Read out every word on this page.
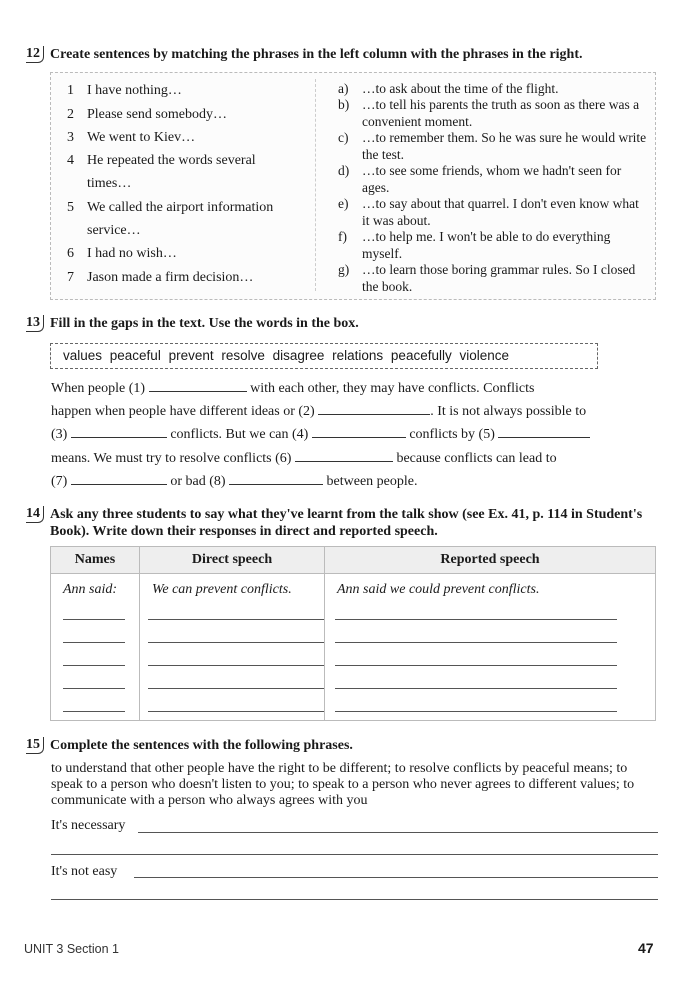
12 Create sentences by matching the phrases in the left column with the phrases in the right.
1 I have nothing…
2 Please send somebody…
3 We went to Kiev…
4 He repeated the words several
times…
5 We called the airport information
service…
6 I had no wish…
7 Jason made a firm decision…
a) …to ask about the time of the flight.
b) …to tell his parents the truth as soon as there was a convenient moment.
c) …to remember them. So he was sure he would write the test.
d) …to see some friends, whom we hadn't seen for ages.
e) …to say about that quarrel. I don't even know what it was about.
f) …to help me. I won't be able to do everything myself.
g) …to learn those boring grammar rules. So I closed the book.
13 Fill in the gaps in the text. Use the words in the box.
values peaceful prevent resolve disagree relations peacefully violence
When people (1)	with each other, they may have conflicts. Conflicts
happen when people have different ideas or (2)	. It is not always possible to
(3)	conflicts. But we can (4)	conflicts by (5)
means. We must try to resolve conflicts (6)	because conflicts can lead to
(7)	or bad (8)	between people.
14 Ask any three students to say what they've learnt from the talk show (see Ex. 41, p. 114 in Student's Book). Write down their responses in direct and reported speech.
Names	Direct speech	Reported speech

Ann said:	We can prevent conflicts.	Ann said we could prevent conflicts.
15 Complete the sentences with the following phrases.
to understand that other people have the right to be different; to resolve conflicts by peaceful means; to speak to a person who doesn't listen to you; to speak to a person who never agrees to different values; to communicate with a person who always agrees with you
It's necessary
It's not easy
UNIT 3 Section 1	47
